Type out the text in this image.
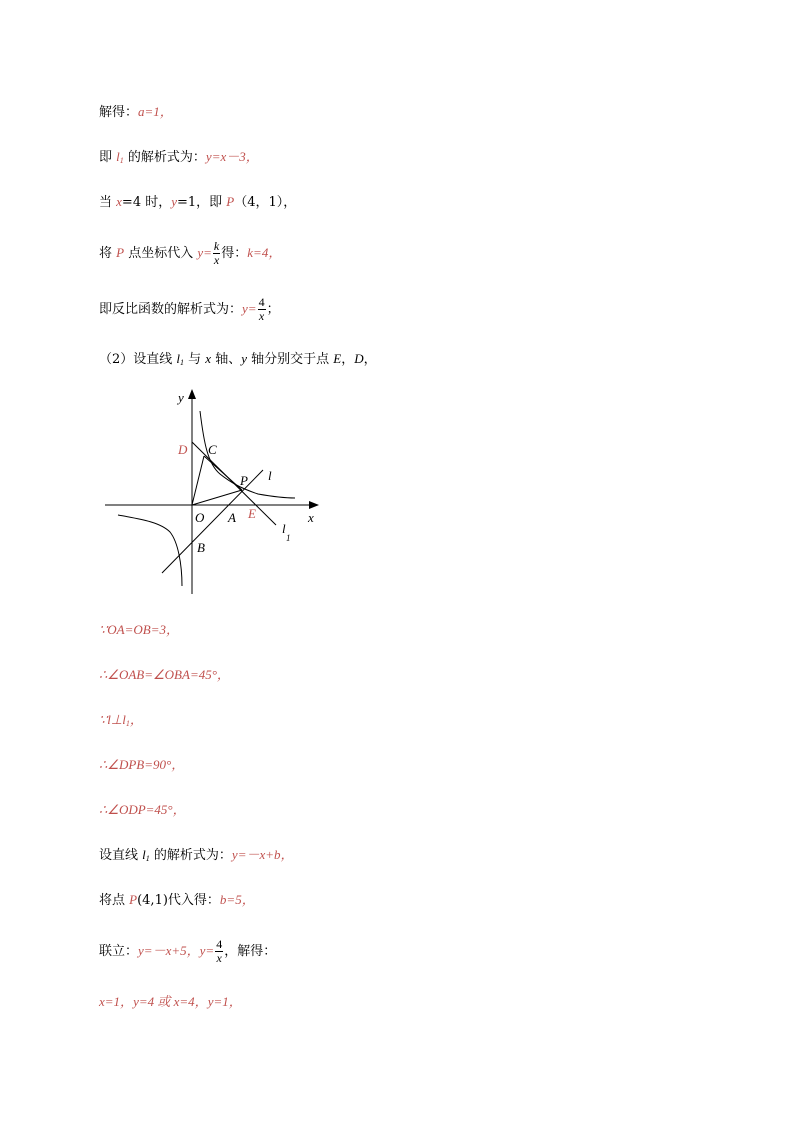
解得：a=1，
即 $l_1$ 的解析式为：y=x－3，
当 x=4 时，y=1，即 P（4，1），
将 P 点坐标代入 $y= \frac{k}{x}$ 得：k=4，
即反比函数的解析式为：$y= \frac{4}{x}$ ；
（2）设直线 $l_1$ 与 x 轴、y 轴分别交于点 E，D，
y
x
D C
P l
O A E
l
1
B
∵OA=OB=3，
∴∠OAB=∠OBA=45°，
$\because l\perp l_1$，
∴∠DPB=90°，
∴∠ODP=45°，
设直线 $l_1$ 的解析式为：y=－x+b，
将点 P(4,1)代入得：b=5，
联立：y=－x+5，$y= \frac{4}{x}$ ，解得：
x=1，y=4 或 x=4，y=1，
